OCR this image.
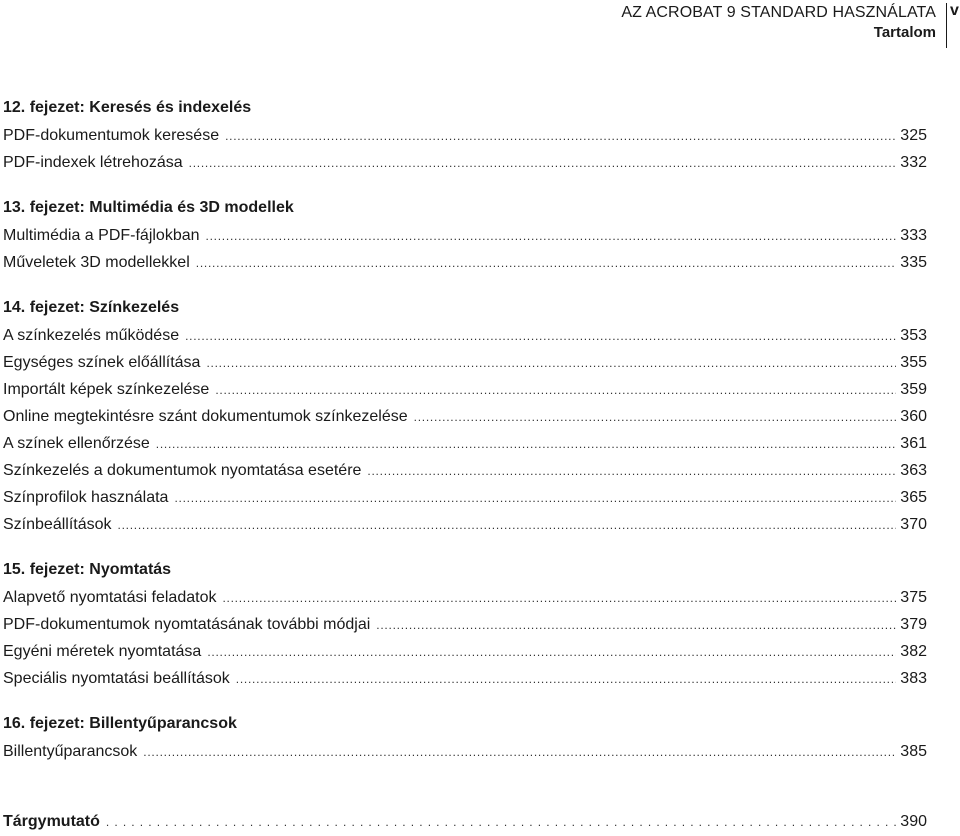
AZ ACROBAT 9 STANDARD HASZNÁLATA
Tartalom
v
12. fejezet: Keresés és indexelés
PDF-dokumentumok keresése . . .	325
PDF-indexek létrehozása . . .	332
13. fejezet: Multimédia és 3D modellek
Multimédia a PDF-fájlokban . . .	333
Műveletek 3D modellekkel . . .	335
14. fejezet: Színkezelés
A színkezelés működése . . .	353
Egységes színek előállítása . . .	355
Importált képek színkezelése . . .	359
Online megtekintésre szánt dokumentumok színkezelése . . .	360
A színek ellenőrzése . . .	361
Színkezelés a dokumentumok nyomtatása esetére . . .	363
Színprofilok használata . . .	365
Színbeállítások . . .	370
15. fejezet: Nyomtatás
Alapvető nyomtatási feladatok . . .	375
PDF-dokumentumok nyomtatásának további módjai . . .	379
Egyéni méretek nyomtatása . . .	382
Speciális nyomtatási beállítások . . .	383
16. fejezet: Billentyűparancsok
Billentyűparancsok . . .	385
Tárgymutató . . .	390
